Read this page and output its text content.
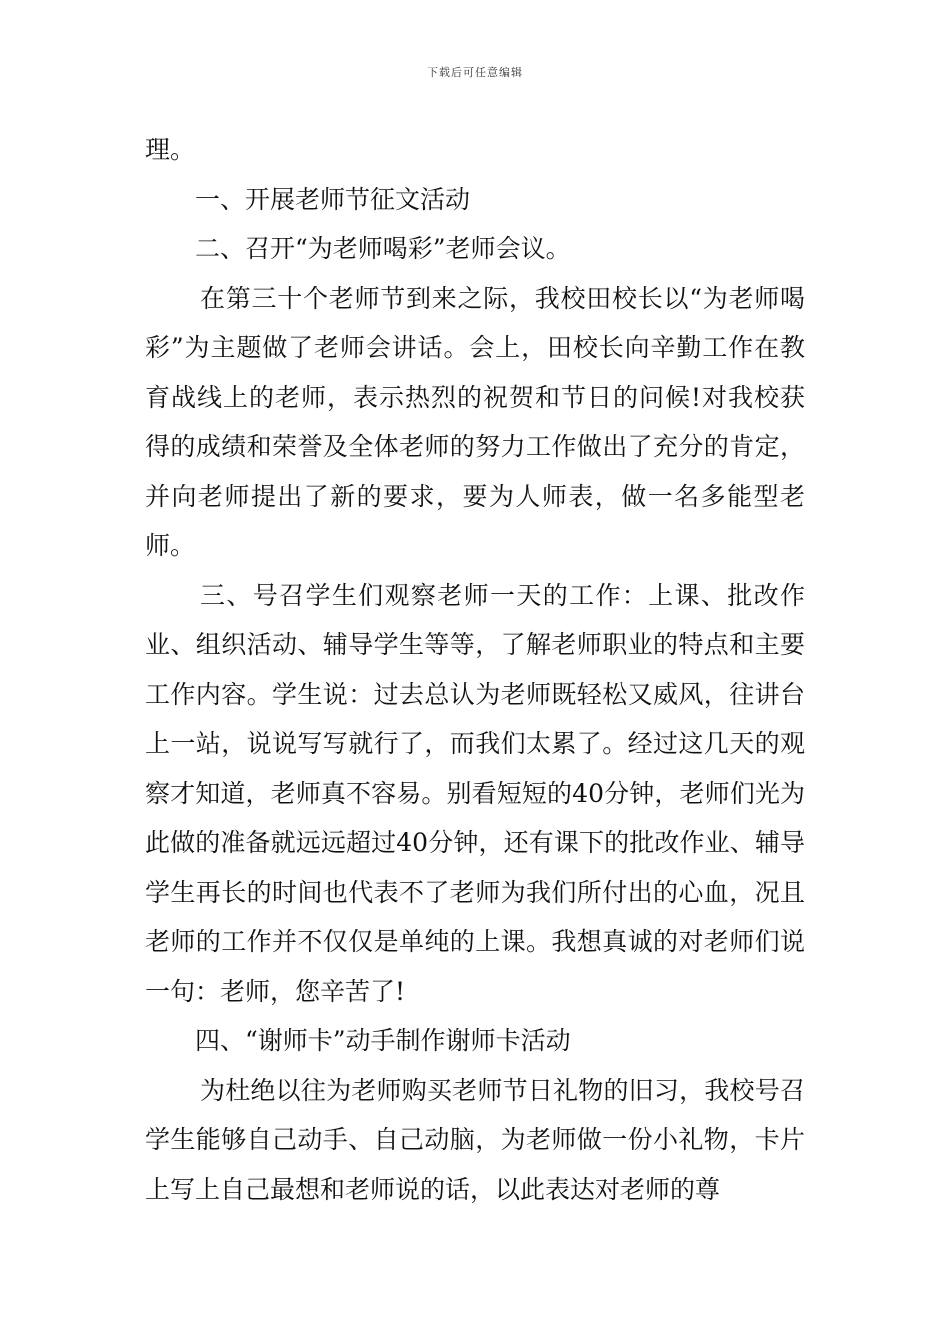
下载后可任意编辑

理。

一、开展老师节征文活动

二、召开“为老师喝彩”老师会议。

在第三十个老师节到来之际，我校田校长以“为老师喝彩”为主题做了老师会讲话。会上，田校长向辛勤工作在教育战线上的老师，表示热烈的祝贺和节日的问候!对我校获得的成绩和荣誉及全体老师的努力工作做出了充分的肯定，并向老师提出了新的要求，要为人师表，做一名多能型老师。

三、号召学生们观察老师一天的工作：上课、批改作业、组织活动、辅导学生等等，了解老师职业的特点和主要工作内容。学生说：过去总认为老师既轻松又威风，往讲台上一站，说说写写就行了，而我们太累了。经过这几天的观察才知道，老师真不容易。别看短短的40分钟，老师们光为此做的准备就远远超过40分钟，还有课下的批改作业、辅导学生再长的时间也代表不了老师为我们所付出的心血，况且老师的工作并不仅仅是单纯的上课。我想真诚的对老师们说一句：老师，您辛苦了!

四、“谢师卡”动手制作谢师卡活动

为杜绝以往为老师购买老师节日礼物的旧习，我校号召学生能够自己动手、自己动脑，为老师做一份小礼物，卡片上写上自己最想和老师说的话，以此表达对老师的尊
